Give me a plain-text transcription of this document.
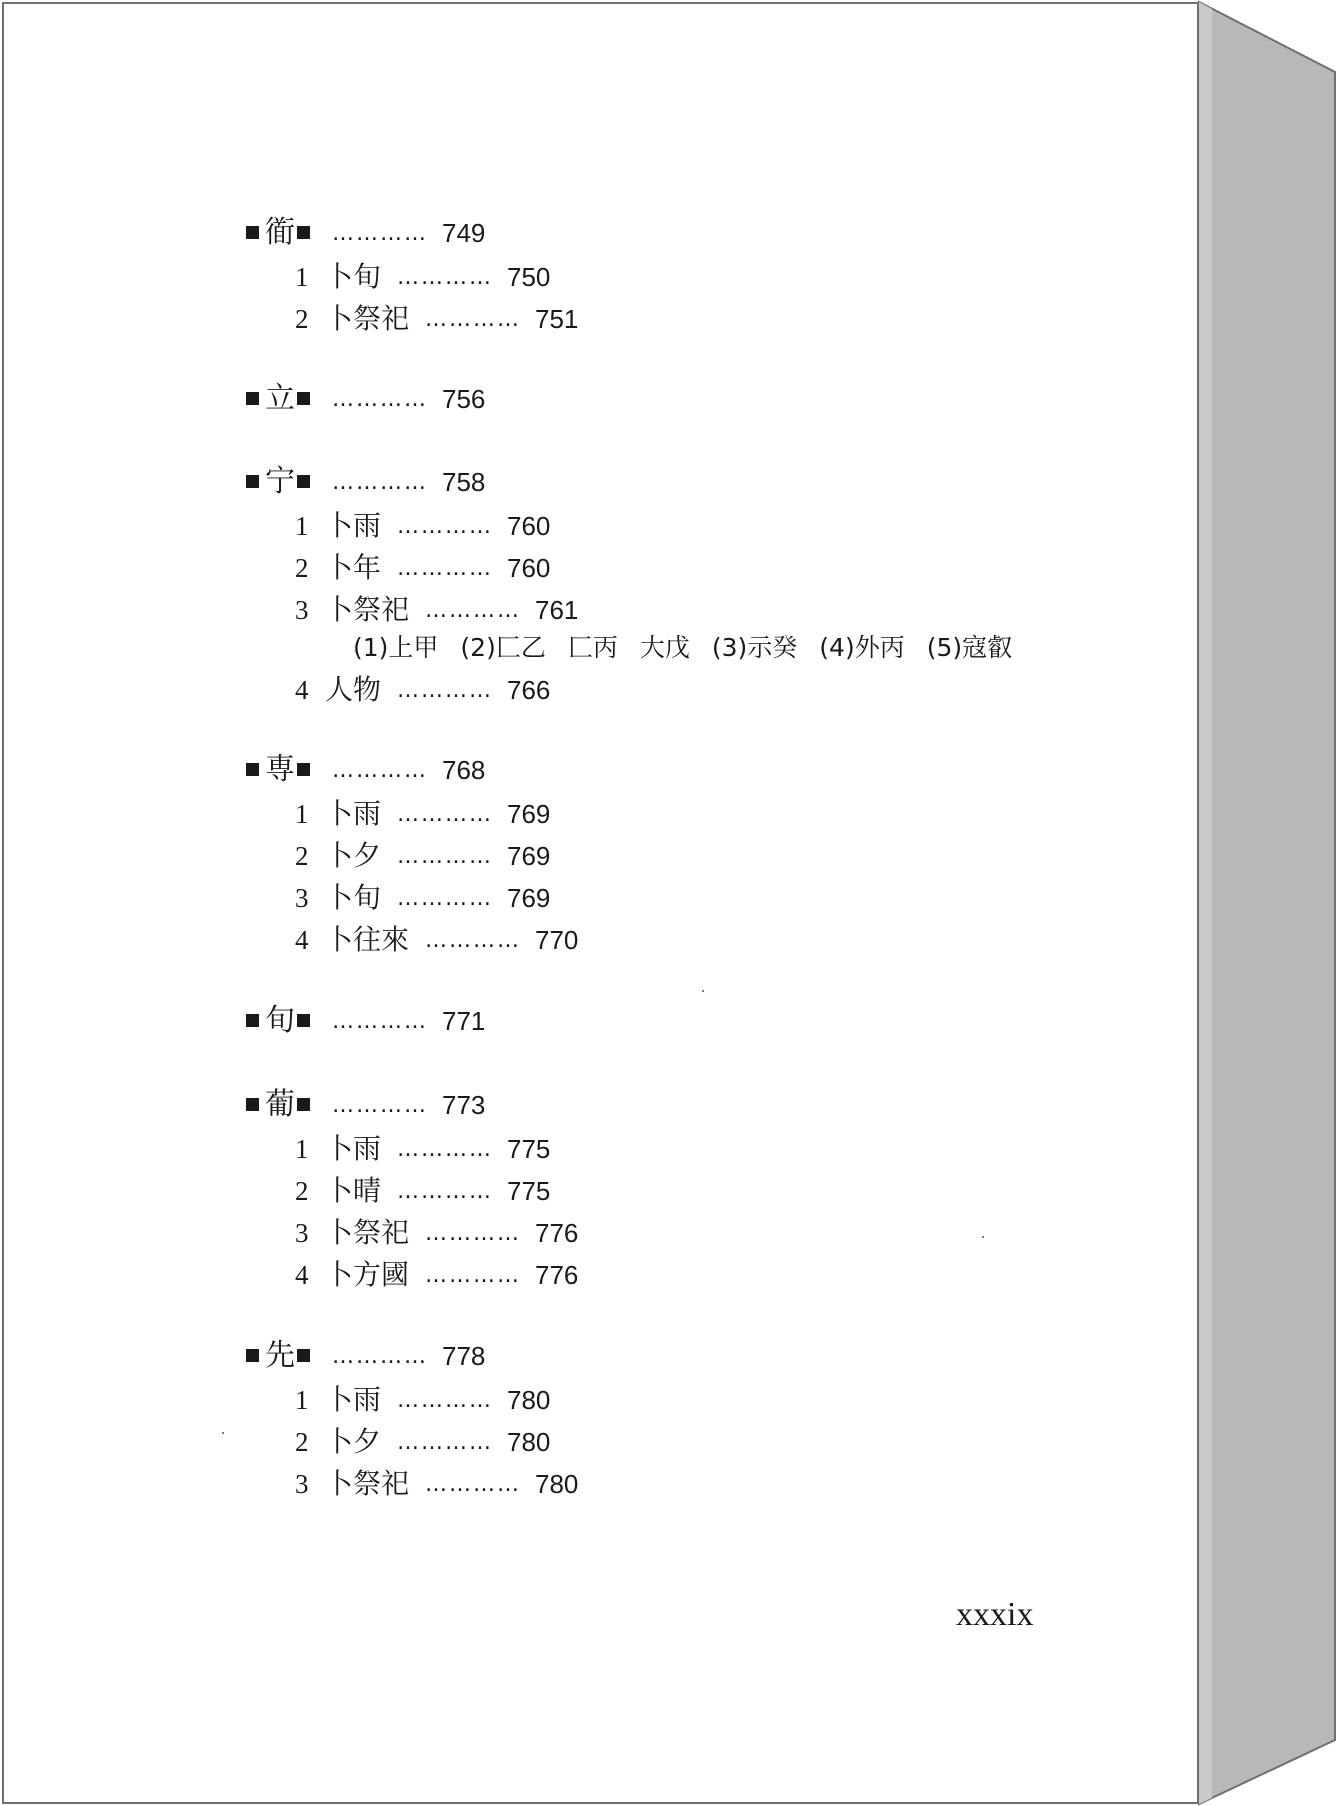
衜 ………… 749
1 卜旬 ………… 750
2 卜祭祀 ………… 751
立 ………… 756
宁 ………… 758
1 卜雨 ………… 760
2 卜年 ………… 760
3 卜祭祀 ………… 761
(1)上甲 (2)匚乙 匚丙 大戊 (3)示癸 (4)外丙 (5)寇叡
4 人物 ………… 766
専 ………… 768
1 卜雨 ………… 769
2 卜夕 ………… 769
3 卜旬 ………… 769
4 卜往來 ………… 770
旬 ………… 771
葡 ………… 773
1 卜雨 ………… 775
2 卜晴 ………… 775
3 卜祭祀 ………… 776
4 卜方國 ………… 776
先 ………… 778
1 卜雨 ………… 780
2 卜夕 ………… 780
3 卜祭祀 ………… 780
xxxix
